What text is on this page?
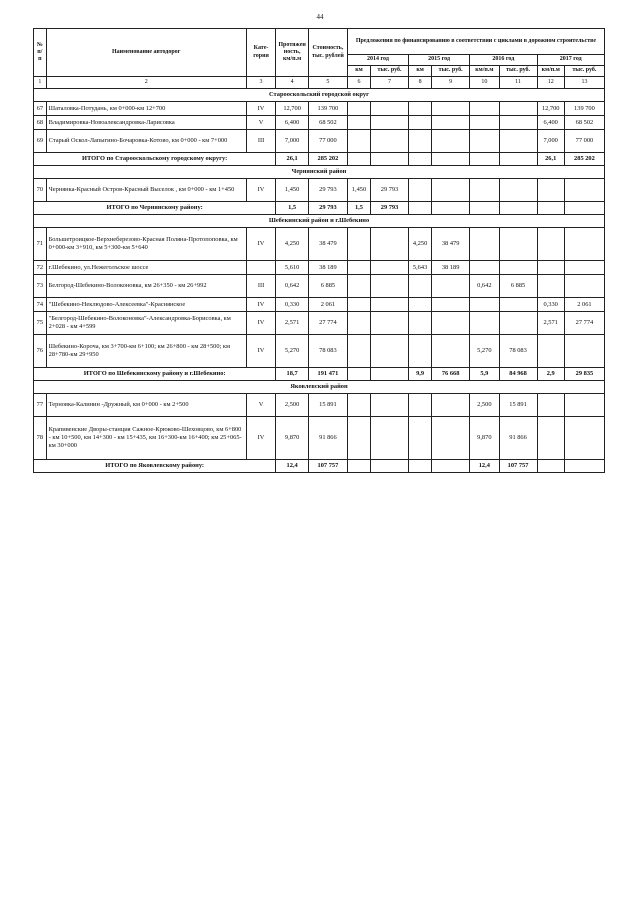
44
№
п/п	Наименование автодорог	Кате-
гория	Протяжен
ность,
км/п.м	Стоимость,
тыс. рублей	Предложения по финансированию в соответствии с циклами в дорожном строительстве							
					2014 год		2015 год		2016 год		2017 год	
					км	тыс. руб.	км	тыс. руб.	км/п.м	тыс. руб.	км/п.м	тыс. руб.
1	2	3	4	5	6	7	8	9	10	11	12	13
Старооскольский городской округ												
67	Шаталовка-Потудань, км 0+000-км 12+700	IV	12,700	139 700							12,700	139 700
68	Владимировка-Новоалександровка-Ларисовка	V	6,400	68 502							6,400	68 502
69	Старый Оскол-Лапыгино-Бочаровка-Котово, км 0+000 - км 7+000	III	7,000	77 000							7,000	77 000
ИТОГО по Старооскольскому городскому округу:			26,1	285 202							26,1	285 202
Чернянский район												
70	Чернянка-Красный Остров-Красный Выселок , км 0+000 - км 1+450	IV	1,450	29 793	1,450	29 793						
ИТОГО по Чернянскому району:			1,5	29 793	1,5	29 793						
Шебекинский район и г.Шебекино												
71	Большетроицкое-Верхнеберезово-Красная Поляна-Протопоповка, км 0+000-км 3+910, км 5+300-км 5+640	IV	4,250	38 479			4,250	38 479				
72	г.Шебекино, ул.Нежеголъское шоссе		5,610	38 189			5,643	38 189				
73	Белгород-Шебекино-Волоконовка, км 26+350 - км 26+992	III	0,642	6 885					0,642	6 885		
74	"Шебекино-Неклюдово-Алексеевка"-Краснянское	IV	0,330	2 061							0,330	2 061
75	"Белгород-Шебекино-Волоконовка"-Александровка-Борисовка, км 2+028 - км 4+599	IV	2,571	27 774							2,571	27 774
76	Шебекино-Короча, км 3+700-км 6+100; км 26+800 - км 28+500; км 28+780-км 29+950	IV	5,270	78 083					5,270	78 083		
ИТОГО по Шебекинскому району и г.Шебекино:			18,7	191 471			9,9	76 668	5,9	84 968	2,9	29 835
Яковлевский район												
77	Терновка-Калинин -Дружный, км 0+000 - км 2+500	V	2,500	15 891					2,500	15 891		
78	Крапивенские Дворы-станция Сажное-Крюково-Шеховцово, км 6+800 - км 10+500, км 14+300 - км 15+435, км 16+300-км 16+400; км 25+065-км 30+000	IV	9,870	91 866					9,870	91 866		
ИТОГО по Яковлевскому району:			12,4	107 757					12,4	107 757		
